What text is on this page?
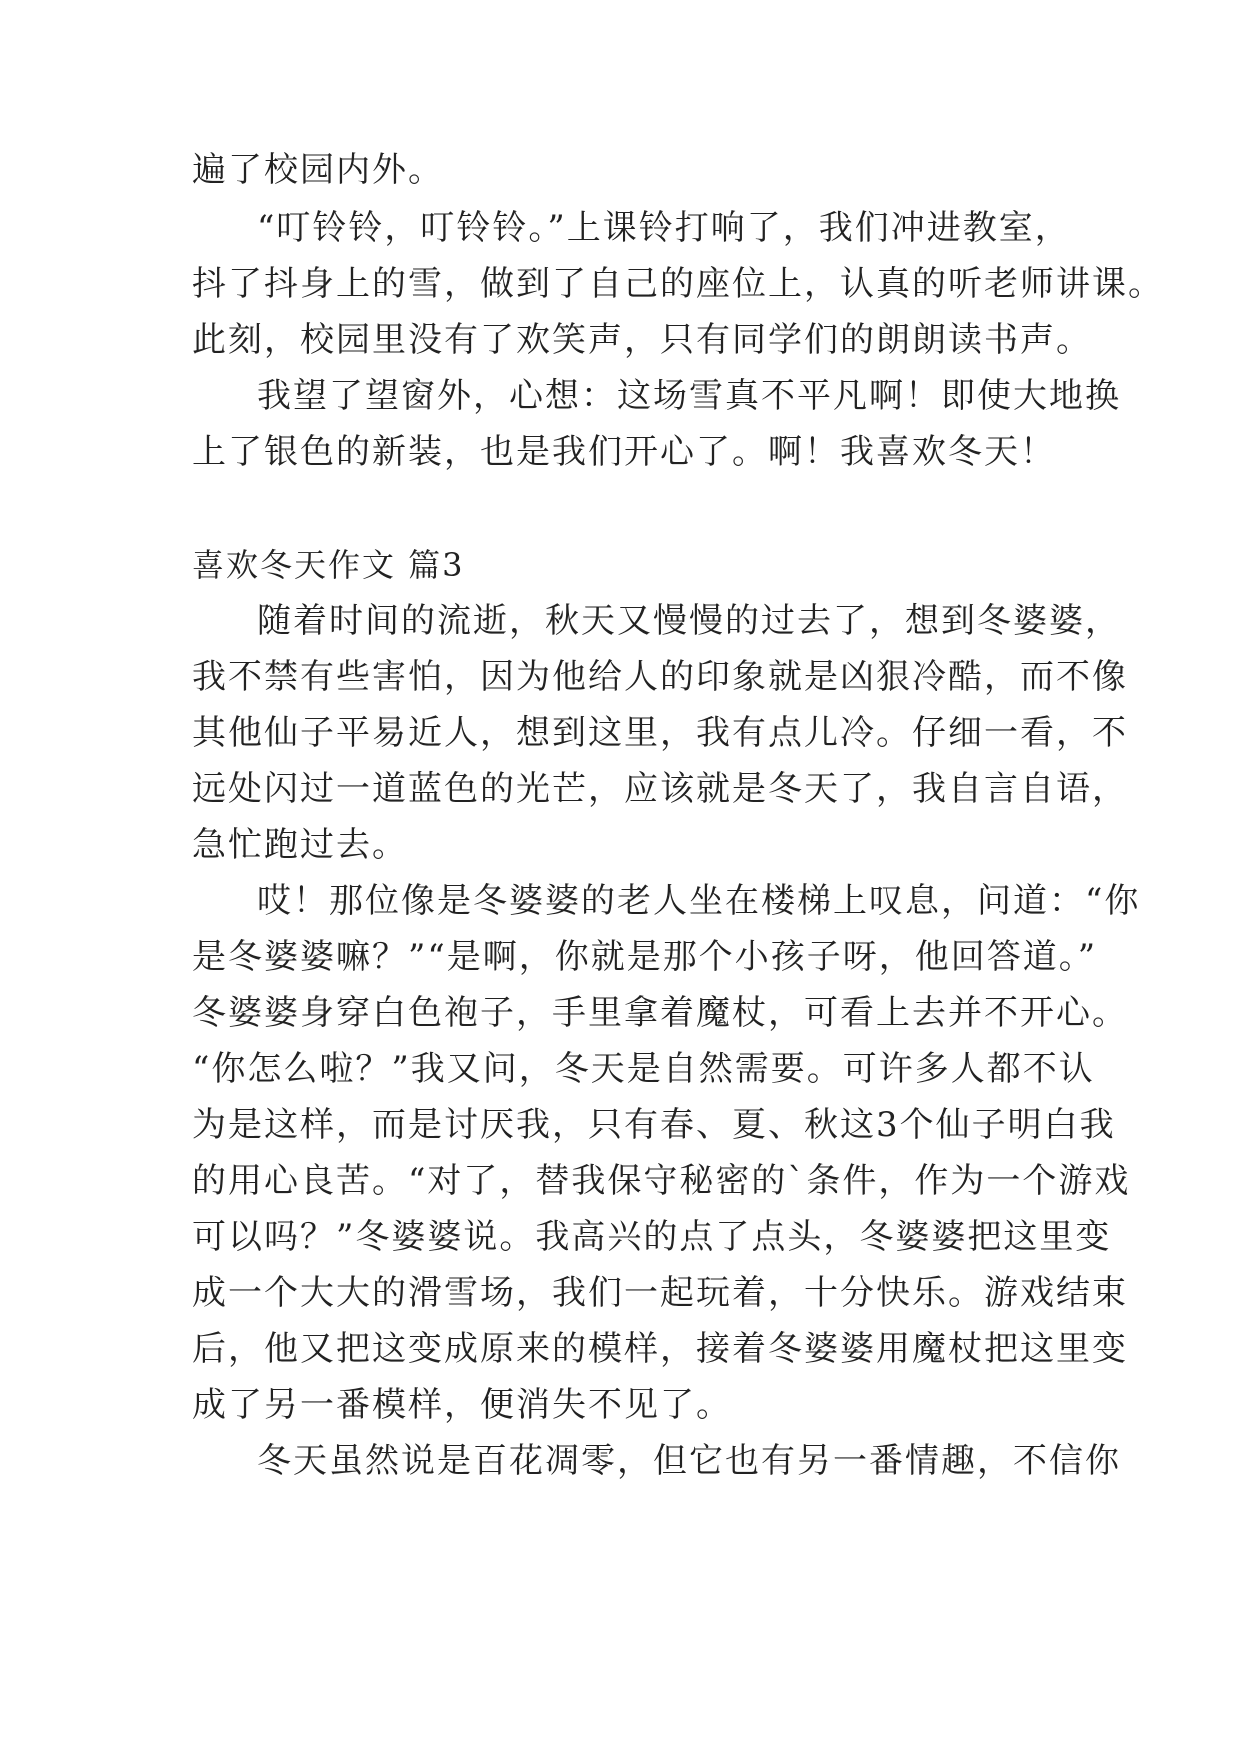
遍了校园内外。
“叮铃铃，叮铃铃。”上课铃打响了，我们冲进教室，
抖了抖身上的雪，做到了自己的座位上，认真的听老师讲课。
此刻，校园里没有了欢笑声，只有同学们的朗朗读书声。
我望了望窗外，心想：这场雪真不平凡啊！即使大地换
上了银色的新装，也是我们开心了。啊！我喜欢冬天！
喜欢冬天作文 篇3
随着时间的流逝，秋天又慢慢的过去了，想到冬婆婆，
我不禁有些害怕，因为他给人的印象就是凶狠冷酷，而不像
其他仙子平易近人，想到这里，我有点儿冷。仔细一看，不
远处闪过一道蓝色的光芒，应该就是冬天了，我自言自语，
急忙跑过去。
哎！那位像是冬婆婆的老人坐在楼梯上叹息，问道：“你
是冬婆婆嘛？”“是啊，你就是那个小孩子呀，他回答道。”
冬婆婆身穿白色袍子，手里拿着魔杖，可看上去并不开心。
“你怎么啦？”我又问，冬天是自然需要。可许多人都不认
为是这样，而是讨厌我，只有春、夏、秋这3个仙子明白我
的用心良苦。“对了，替我保守秘密的`条件，作为一个游戏
可以吗？”冬婆婆说。我高兴的点了点头，冬婆婆把这里变
成一个大大的滑雪场，我们一起玩着，十分快乐。游戏结束
后，他又把这变成原来的模样，接着冬婆婆用魔杖把这里变
成了另一番模样，便消失不见了。
冬天虽然说是百花凋零，但它也有另一番情趣，不信你
